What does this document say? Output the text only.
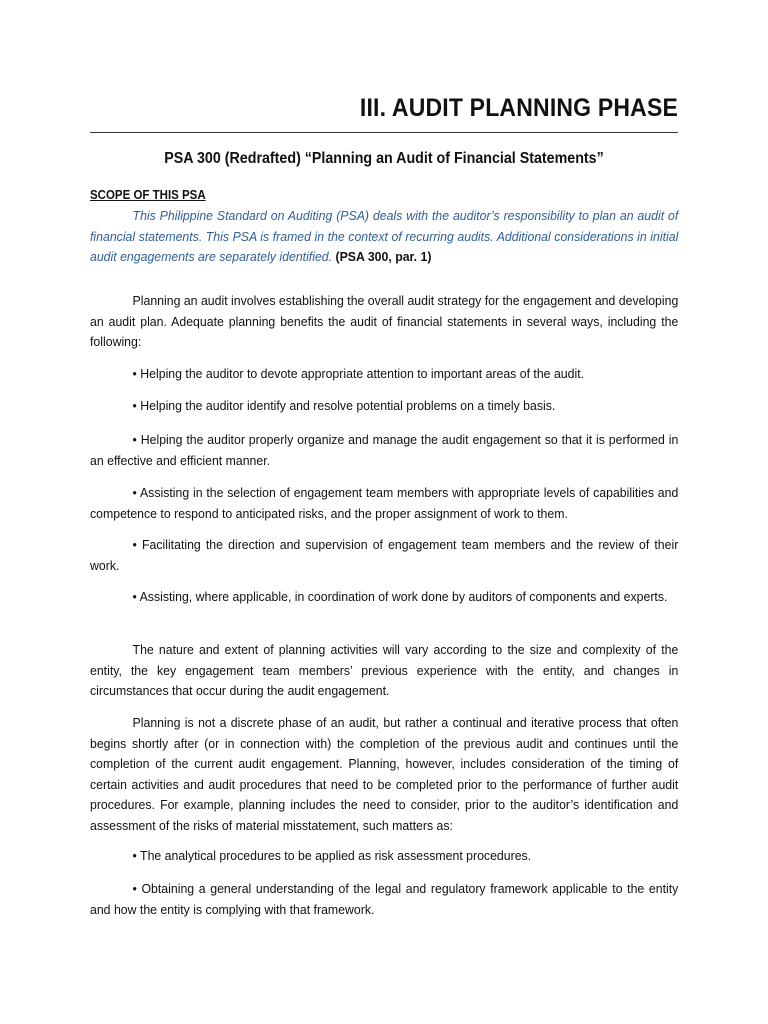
III. AUDIT PLANNING PHASE
PSA 300 (Redrafted) “Planning an Audit of Financial Statements”
SCOPE OF THIS PSA

This Philippine Standard on Auditing (PSA) deals with the auditor’s responsibility to plan an audit of financial statements. This PSA is framed in the context of recurring audits. Additional considerations in initial audit engagements are separately identified. (PSA 300, par. 1)

Planning an audit involves establishing the overall audit strategy for the engagement and developing an audit plan. Adequate planning benefits the audit of financial statements in several ways, including the following:

• Helping the auditor to devote appropriate attention to important areas of the audit.

• Helping the auditor identify and resolve potential problems on a timely basis.

• Helping the auditor properly organize and manage the audit engagement so that it is performed in an effective and efficient manner.

• Assisting in the selection of engagement team members with appropriate levels of capabilities and competence to respond to anticipated risks, and the proper assignment of work to them.

• Facilitating the direction and supervision of engagement team members and the review of their work.

• Assisting, where applicable, in coordination of work done by auditors of components and experts.

The nature and extent of planning activities will vary according to the size and complexity of the entity, the key engagement team members’ previous experience with the entity, and changes in circumstances that occur during the audit engagement.

Planning is not a discrete phase of an audit, but rather a continual and iterative process that often begins shortly after (or in connection with) the completion of the previous audit and continues until the completion of the current audit engagement. Planning, however, includes consideration of the timing of certain activities and audit procedures that need to be completed prior to the performance of further audit procedures. For example, planning includes the need to consider, prior to the auditor’s identification and assessment of the risks of material misstatement, such matters as:

• The analytical procedures to be applied as risk assessment procedures.

• Obtaining a general understanding of the legal and regulatory framework applicable to the entity and how the entity is complying with that framework.
